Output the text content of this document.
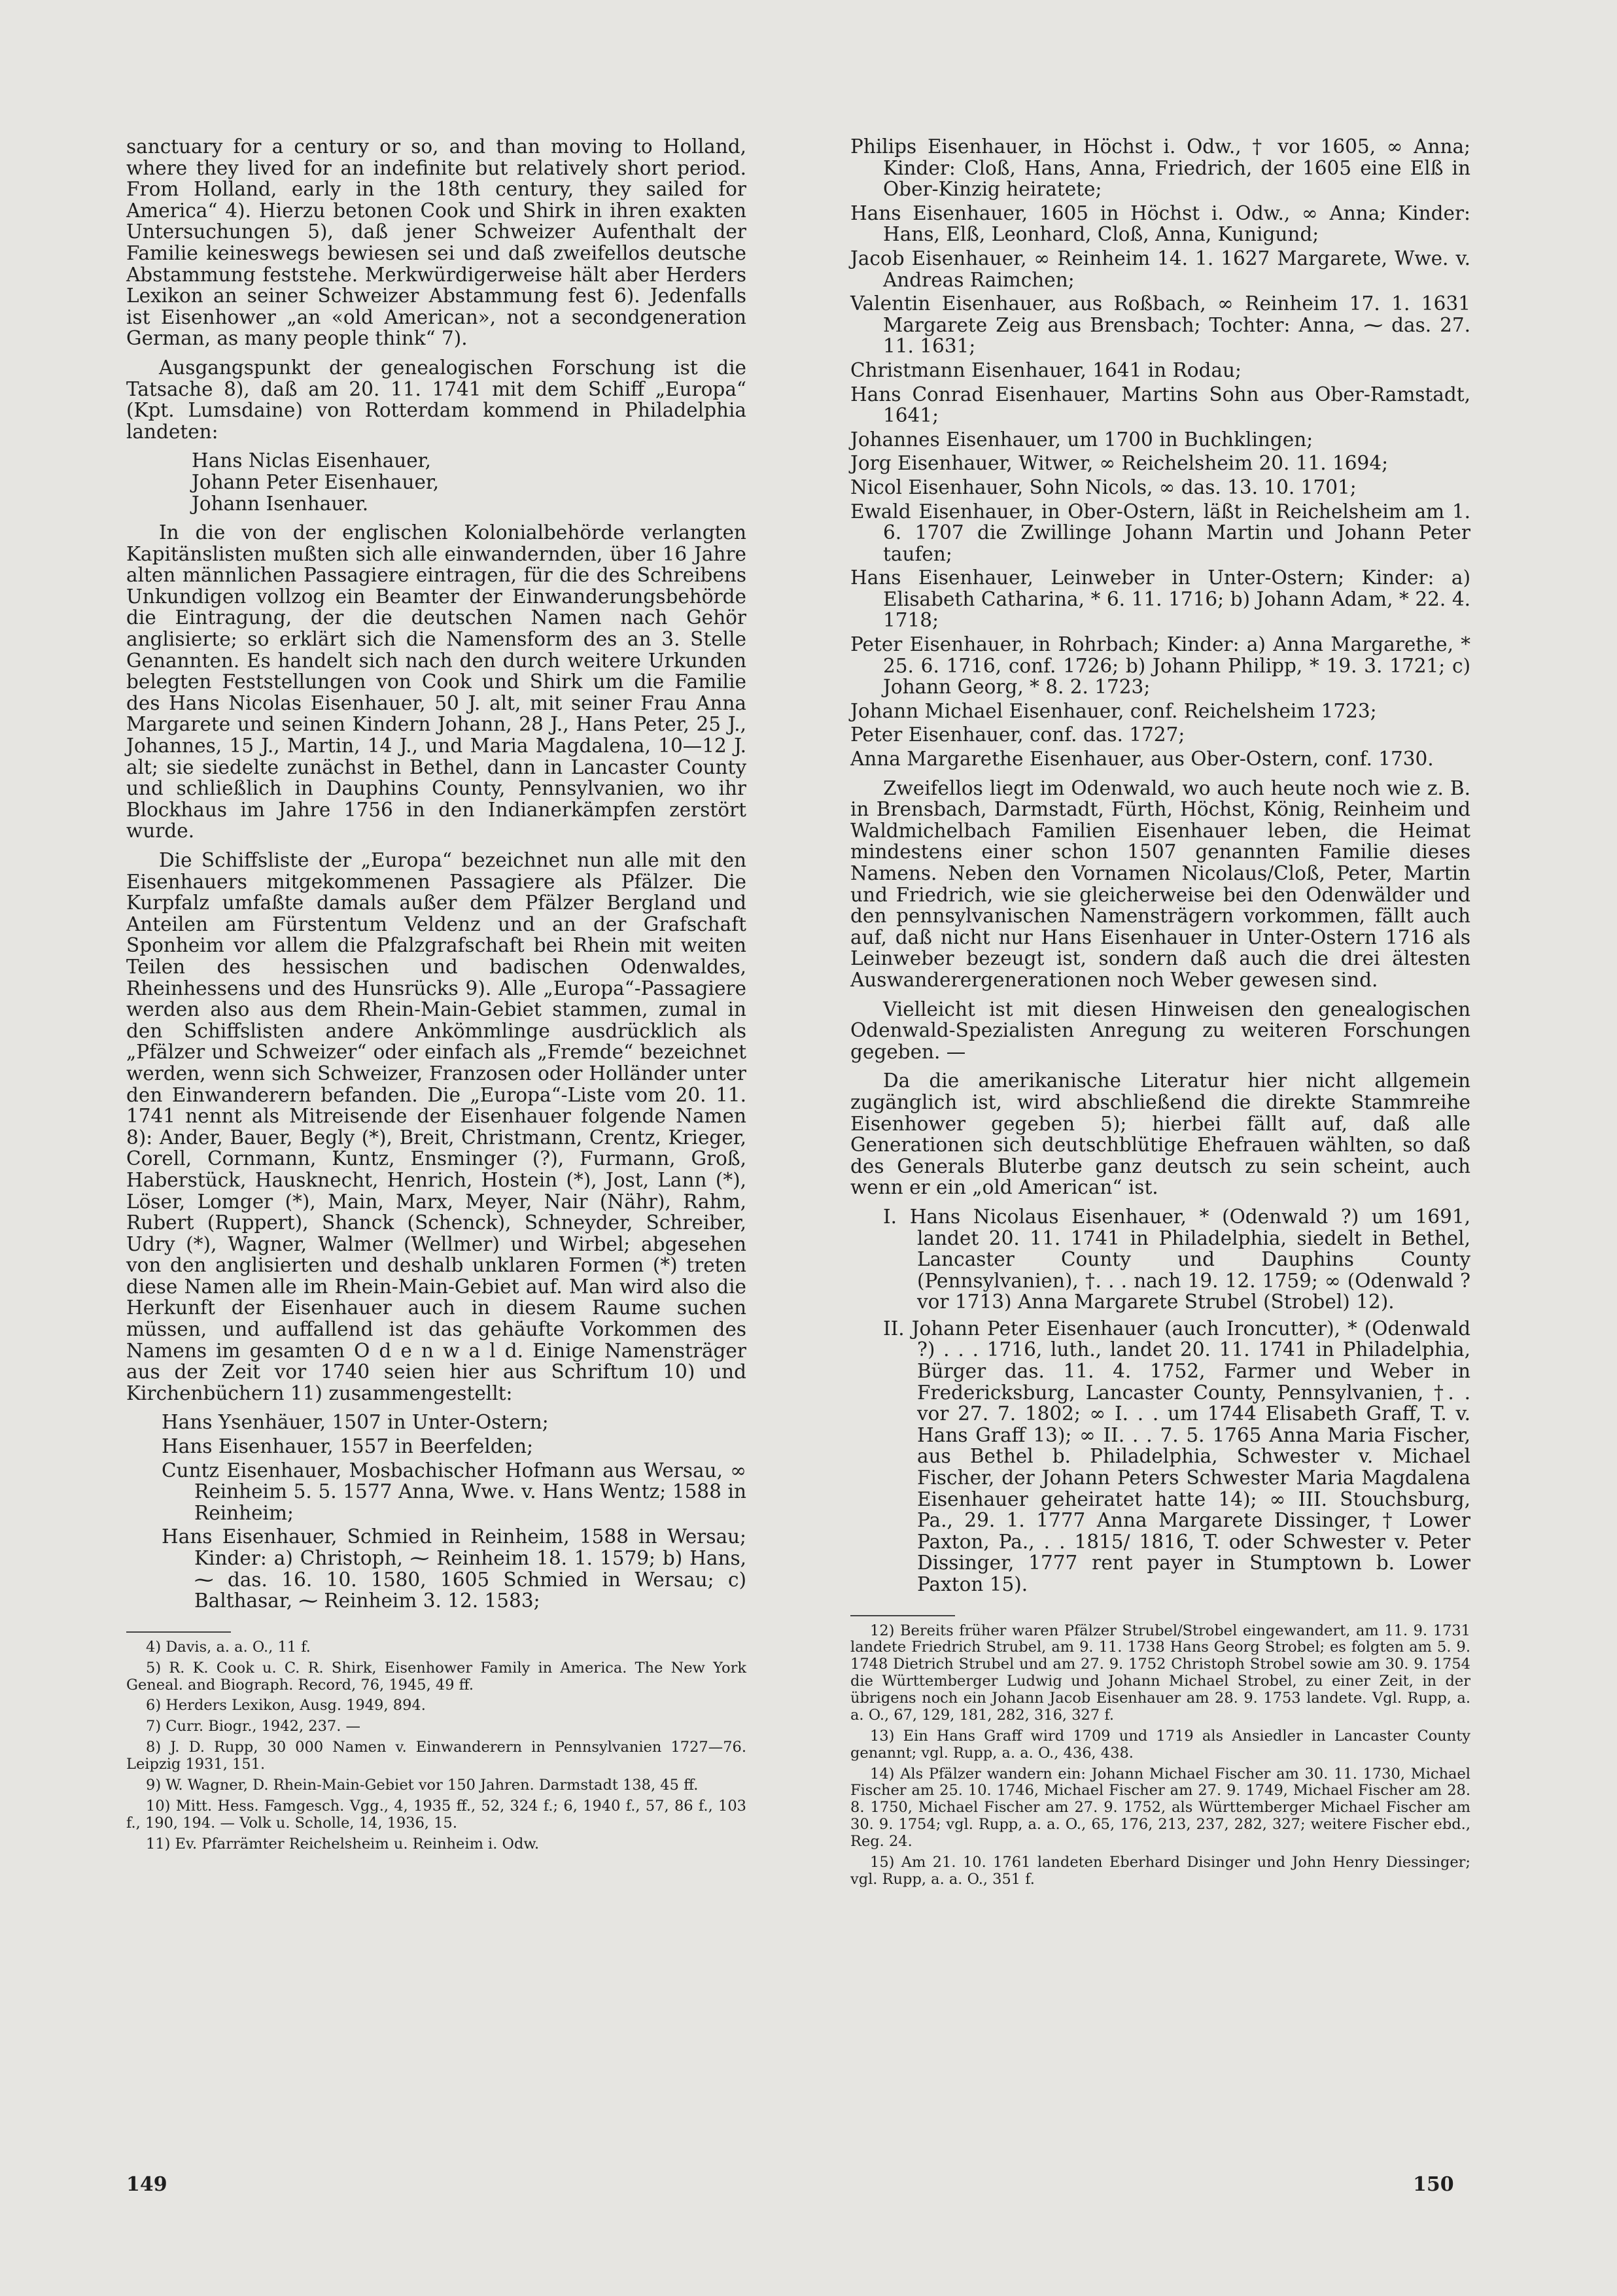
sanctuary for a century or so, and than moving to Holland, where they lived for an indefinite but relatively short period. From Holland, early in the 18th century, they sailed for America“ 4). Hierzu betonen Cook und Shirk in ihren exakten Untersuchungen 5), daß jener Schweizer Aufenthalt der Familie keineswegs bewiesen sei und daß zweifellos deutsche Abstammung feststehe. Merkwürdigerweise hält aber Herders Lexikon an seiner Schweizer Abstammung fest 6). Jedenfalls ist Eisenhower „an «old American», not a secondgeneration German, as many people think“ 7).

Ausgangspunkt der genealogischen Forschung ist die Tatsache 8), daß am 20. 11. 1741 mit dem Schiff „Europa“ (Kpt. Lumsdaine) von Rotterdam kommend in Philadelphia landeten:

Hans Niclas Eisenhauer,
Johann Peter Eisenhauer,
Johann Isenhauer.

In die von der englischen Kolonialbehörde verlangten Kapitänslisten mußten sich alle einwandernden, über 16 Jahre alten männlichen Passagiere eintragen, für die des Schreibens Unkundigen vollzog ein Beamter der Einwanderungsbehörde die Eintragung, der die deutschen Namen nach Gehör anglisierte; so erklärt sich die Namensform des an 3. Stelle Genannten. Es handelt sich nach den durch weitere Urkunden belegten Feststellungen von Cook und Shirk um die Familie des Hans Nicolas Eisenhauer, 50 J. alt, mit seiner Frau Anna Margarete und seinen Kindern Johann, 28 J., Hans Peter, 25 J., Johannes, 15 J., Martin, 14 J., und Maria Magdalena, 10—12 J. alt; sie siedelte zunächst in Bethel, dann in Lancaster County und schließlich in Dauphins County, Pennsylvanien, wo ihr Blockhaus im Jahre 1756 in den Indianerkämpfen zerstört wurde.

Die Schiffsliste der „Europa“ bezeichnet nun alle mit den Eisenhauers mitgekommenen Passagiere als Pfälzer. Die Kurpfalz umfaßte damals außer dem Pfälzer Bergland und Anteilen am Fürstentum Veldenz und an der Grafschaft Sponheim vor allem die Pfalzgrafschaft bei Rhein mit weiten Teilen des hessischen und badischen Odenwaldes, Rheinhessens und des Hunsrücks 9). Alle „Europa“-Passagiere werden also aus dem Rhein-Main-Gebiet stammen, zumal in den Schiffslisten andere Ankömmlinge ausdrücklich als „Pfälzer und Schweizer“ oder einfach als „Fremde“ bezeichnet werden, wenn sich Schweizer, Franzosen oder Holländer unter den Einwanderern befanden. Die „Europa“-Liste vom 20. 11. 1741 nennt als Mitreisende der Eisenhauer folgende Namen 8): Ander, Bauer, Begly (*), Breit, Christmann, Crentz, Krieger, Corell, Cornmann, Kuntz, Ensminger (?), Furmann, Groß, Haberstück, Hausknecht, Henrich, Hostein (*), Jost, Lann (*), Löser, Lomger (*), Main, Marx, Meyer, Nair (Nähr), Rahm, Rubert (Ruppert), Shanck (Schenck), Schneyder, Schreiber, Udry (*), Wagner, Walmer (Wellmer) und Wirbel; abgesehen von den anglisierten und deshalb unklaren Formen (*) treten diese Namen alle im Rhein-Main-Gebiet auf. Man wird also die Herkunft der Eisenhauer auch in diesem Raume suchen müssen, und auffallend ist das gehäufte Vorkommen des Namens im gesamten O d e n w a l d. Einige Namensträger aus der Zeit vor 1740 seien hier aus Schriftum 10) und Kirchenbüchern 11) zusammengestellt:

Hans Ysenhäuer, 1507 in Unter-Ostern;
Hans Eisenhauer, 1557 in Beerfelden;
Cuntz Eisenhauer, Mosbachischer Hofmann aus Wersau, ∞ Reinheim 5. 5. 1577 Anna, Wwe. v. Hans Wentz; 1588 in Reinheim;
Hans Eisenhauer, Schmied in Reinheim, 1588 in Wersau; Kinder: a) Christoph, ⁓ Reinheim 18. 1. 1579; b) Hans, ⁓ das. 16. 10. 1580, 1605 Schmied in Wersau; c) Balthasar, ⁓ Reinheim 3. 12. 1583;

4) Davis, a. a. O., 11 f.

5) R. K. Cook u. C. R. Shirk, Eisenhower Family in America. The New York Geneal. and Biograph. Record, 76, 1945, 49 ff.

6) Herders Lexikon, Ausg. 1949, 894.

7) Curr. Biogr., 1942, 237. —

8) J. D. Rupp, 30 000 Namen v. Einwanderern in Pennsylvanien 1727—76. Leipzig 1931, 151.

9) W. Wagner, D. Rhein-Main-Gebiet vor 150 Jahren. Darmstadt 138, 45 ff.

10) Mitt. Hess. Famgesch. Vgg., 4, 1935 ff., 52, 324 f.; 6, 1940 f., 57, 86 f., 103 f., 190, 194. — Volk u. Scholle, 14, 1936, 15.

11) Ev. Pfarrämter Reichelsheim u. Reinheim i. Odw.

Philips Eisenhauer, in Höchst i. Odw., † vor 1605, ∞ Anna; Kinder: Cloß, Hans, Anna, Friedrich, der 1605 eine Elß in Ober-Kinzig heiratete;
Hans Eisenhauer, 1605 in Höchst i. Odw., ∞ Anna; Kinder: Hans, Elß, Leonhard, Cloß, Anna, Kunigund;
Jacob Eisenhauer, ∞ Reinheim 14. 1. 1627 Margarete, Wwe. v. Andreas Raimchen;
Valentin Eisenhauer, aus Roßbach, ∞ Reinheim 17. 1. 1631 Margarete Zeig aus Brensbach; Tochter: Anna, ⁓ das. 27. 11. 1631;
Christmann Eisenhauer, 1641 in Rodau;
Hans Conrad Eisenhauer, Martins Sohn aus Ober-Ramstadt, 1641;
Johannes Eisenhauer, um 1700 in Buchklingen;
Jorg Eisenhauer, Witwer, ∞ Reichelsheim 20. 11. 1694;
Nicol Eisenhauer, Sohn Nicols, ∞ das. 13. 10. 1701;
Ewald Eisenhauer, in Ober-Ostern, läßt in Reichelsheim am 1. 6. 1707 die Zwillinge Johann Martin und Johann Peter taufen;
Hans Eisenhauer, Leinweber in Unter-Ostern; Kinder: a) Elisabeth Catharina, * 6. 11. 1716; b) Johann Adam, * 22. 4. 1718;
Peter Eisenhauer, in Rohrbach; Kinder: a) Anna Margarethe, * 25. 6. 1716, conf. 1726; b) Johann Philipp, * 19. 3. 1721; c) Johann Georg, * 8. 2. 1723;
Johann Michael Eisenhauer, conf. Reichelsheim 1723;
Peter Eisenhauer, conf. das. 1727;
Anna Margarethe Eisenhauer, aus Ober-Ostern, conf. 1730.

Zweifellos liegt im Odenwald, wo auch heute noch wie z. B. in Brensbach, Darmstadt, Fürth, Höchst, König, Reinheim und Waldmichelbach Familien Eisenhauer leben, die Heimat mindestens einer schon 1507 genannten Familie dieses Namens. Neben den Vornamen Nicolaus/Cloß, Peter, Martin und Friedrich, wie sie gleicherweise bei den Odenwälder und den pennsylvanischen Namensträgern vorkommen, fällt auch auf, daß nicht nur Hans Eisenhauer in Unter-Ostern 1716 als Leinweber bezeugt ist, sondern daß auch die drei ältesten Auswanderergenerationen noch Weber gewesen sind.

Vielleicht ist mit diesen Hinweisen den genealogischen Odenwald-Spezialisten Anregung zu weiteren Forschungen gegeben. —

Da die amerikanische Literatur hier nicht allgemein zugänglich ist, wird abschließend die direkte Stammreihe Eisenhower gegeben 5); hierbei fällt auf, daß alle Generationen sich deutschblütige Ehefrauen wählten, so daß des Generals Bluterbe ganz deutsch zu sein scheint, auch wenn er ein „old American“ ist.

I. Hans Nicolaus Eisenhauer, * (Odenwald ?) um 1691, landet 20. 11. 1741 in Philadelphia, siedelt in Bethel, Lancaster County und Dauphins County (Pennsylvanien), †. . . nach 19. 12. 1759; ∞ (Odenwald ? vor 1713) Anna Margarete Strubel (Strobel) 12).

II. Johann Peter Eisenhauer (auch Ironcutter), * (Odenwald ?) . . . 1716, luth., landet 20. 11. 1741 in Philadelphia, Bürger das. 11. 4. 1752, Farmer und Weber in Fredericksburg, Lancaster County, Pennsylvanien, †. . vor 27. 7. 1802; ∞ I. . . um 1744 Elisabeth Graff, T. v. Hans Graff 13); ∞ II. . . 7. 5. 1765 Anna Maria Fischer, aus Bethel b. Philadelphia, Schwester v. Michael Fischer, der Johann Peters Schwester Maria Magdalena Eisenhauer geheiratet hatte 14); ∞ III. Stouchsburg, Pa., 29. 1. 1777 Anna Margarete Dissinger, † Lower Paxton, Pa., . . 1815/ 1816, T. oder Schwester v. Peter Dissinger, 1777 rent payer in Stumptown b. Lower Paxton 15).

12) Bereits früher waren Pfälzer Strubel/Strobel eingewandert, am 11. 9. 1731 landete Friedrich Strubel, am 9. 11. 1738 Hans Georg Strobel; es folgten am 5. 9. 1748 Dietrich Strubel und am 27. 9. 1752 Christoph Strobel sowie am 30. 9. 1754 die Württemberger Ludwig und Johann Michael Strobel, zu einer Zeit, in der übrigens noch ein Johann Jacob Eisenhauer am 28. 9. 1753 landete. Vgl. Rupp, a. a. O., 67, 129, 181, 282, 316, 327 f.

13) Ein Hans Graff wird 1709 und 1719 als Ansiedler in Lancaster County genannt; vgl. Rupp, a. a. O., 436, 438.

14) Als Pfälzer wandern ein: Johann Michael Fischer am 30. 11. 1730, Michael Fischer am 25. 10. 1746, Michael Fischer am 27. 9. 1749, Michael Fischer am 28. 8. 1750, Michael Fischer am 27. 9. 1752, als Württemberger Michael Fischer am 30. 9. 1754; vgl. Rupp, a. a. O., 65, 176, 213, 237, 282, 327; weitere Fischer ebd., Reg. 24.

15) Am 21. 10. 1761 landeten Eberhard Disinger und John Henry Diessinger; vgl. Rupp, a. a. O., 351 f.

149	150
